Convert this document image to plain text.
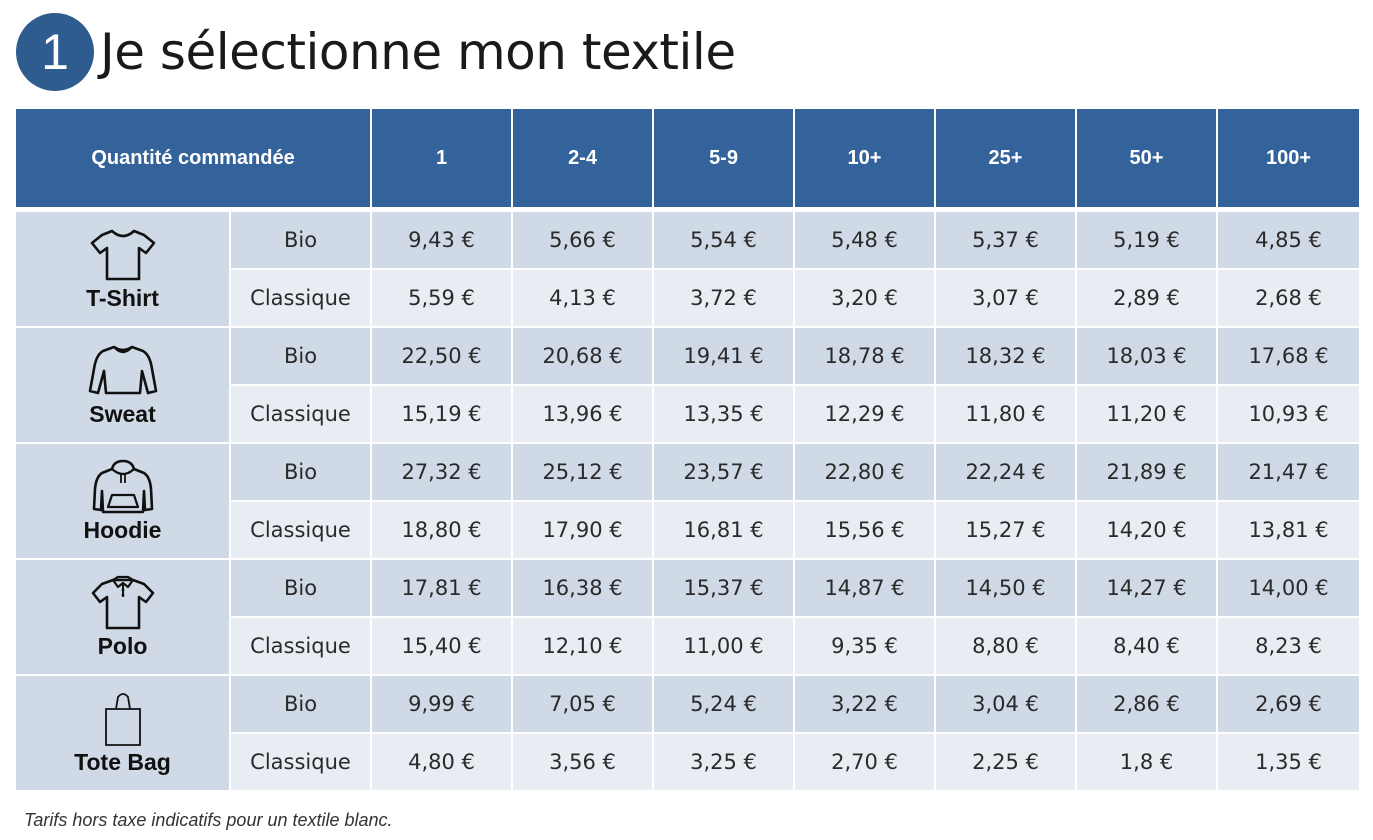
1 Je sélectionne mon textile
Quantité commandée		1	2-4	5-9	10+	25+	50+	100+

T-Shirt	Bio	9,43 €	5,66 €	5,54 €	5,48 €	5,37 €	5,19 €	4,85 €
	Classique	5,59 €	4,13 €	3,72 €	3,20 €	3,07 €	2,89 €	2,68 €

Sweat	Bio	22,50 €	20,68 €	19,41 €	18,78 €	18,32 €	18,03 €	17,68 €
	Classique	15,19 €	13,96 €	13,35 €	12,29 €	11,80 €	11,20 €	10,93 €

Hoodie	Bio	27,32 €	25,12 €	23,57 €	22,80 €	22,24 €	21,89 €	21,47 €
	Classique	18,80 €	17,90 €	16,81 €	15,56 €	15,27 €	14,20 €	13,81 €

Polo	Bio	17,81 €	16,38 €	15,37 €	14,87 €	14,50 €	14,27 €	14,00 €
	Classique	15,40 €	12,10 €	11,00 €	9,35 €	8,80 €	8,40 €	8,23 €

Tote Bag	Bio	9,99 €	7,05 €	5,24 €	3,22 €	3,04 €	2,86 €	2,69 €
	Classique	4,80 €	3,56 €	3,25 €	2,70 €	2,25 €	1,8 €	1,35 €
Tarifs hors taxe indicatifs pour un textile blanc.
